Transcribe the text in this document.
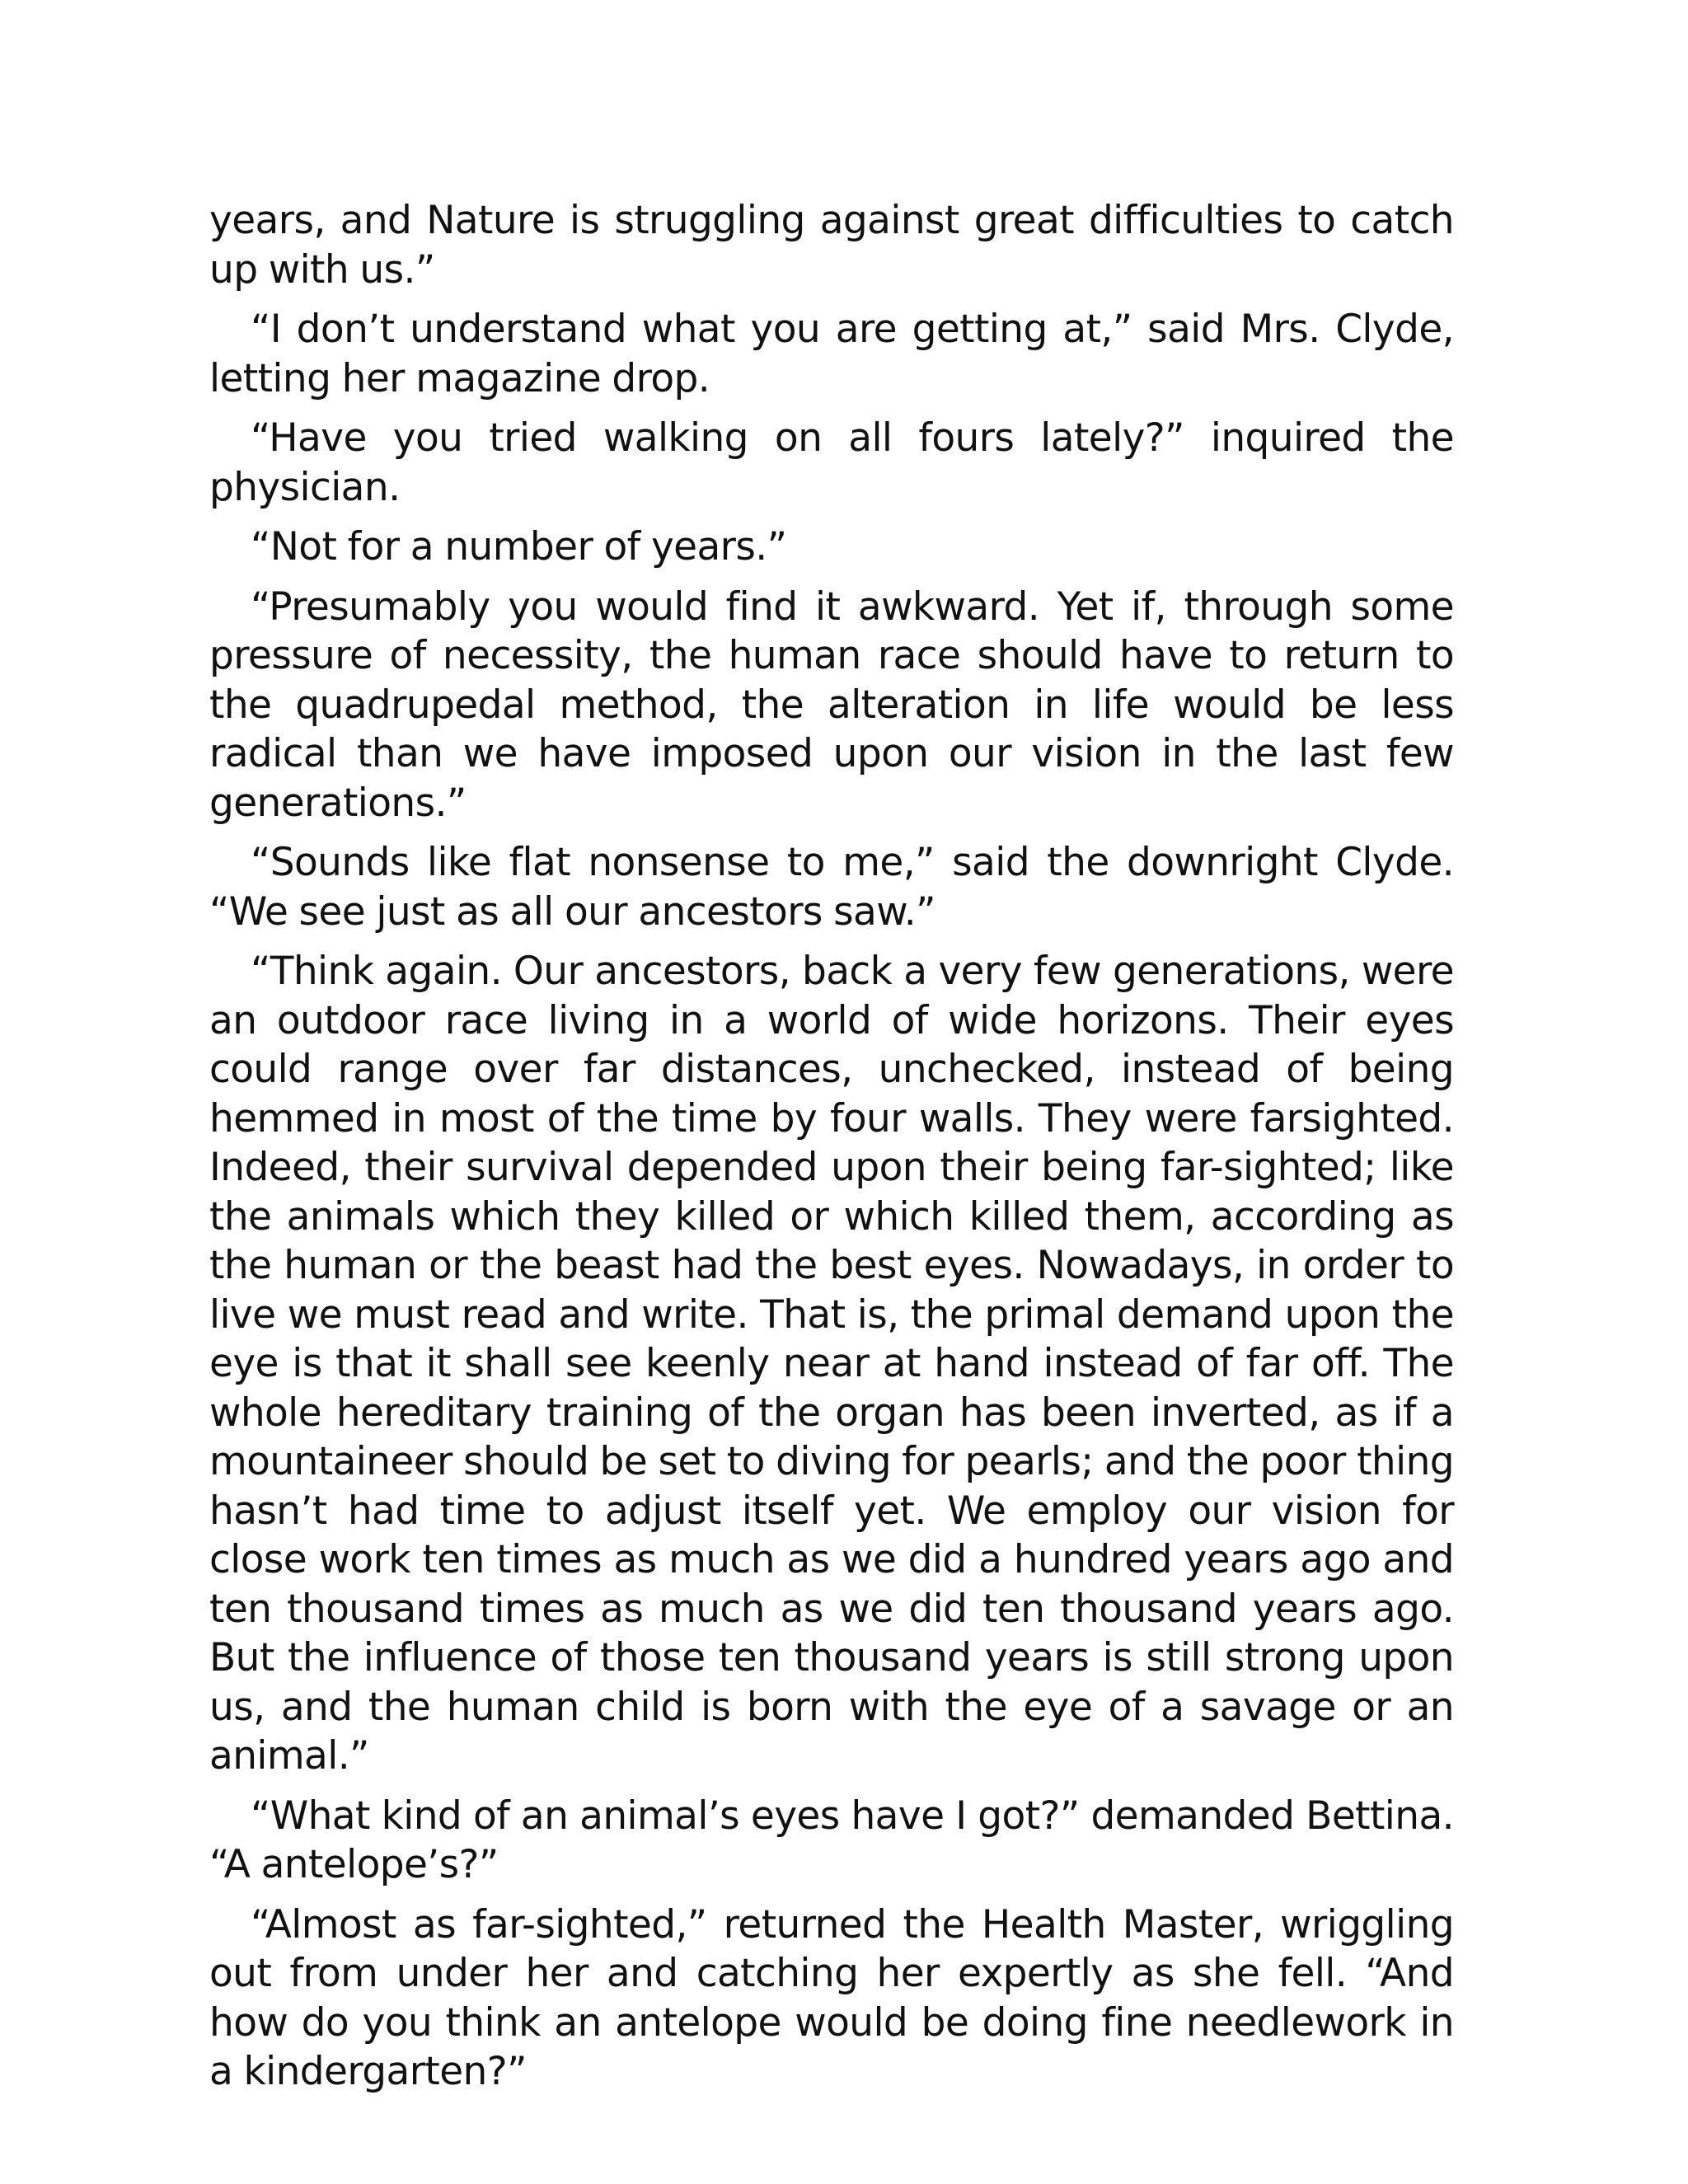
years, and Nature is struggling against great difficulties to catch up with us.”

“I don’t understand what you are getting at,” said Mrs. Clyde, letting her magazine drop.

“Have you tried walking on all fours lately?” inquired the physician.

“Not for a number of years.”

“Presumably you would find it awkward. Yet if, through some pressure of necessity, the human race should have to return to the quadrupedal method, the alteration in life would be less radical than we have imposed upon our vision in the last few generations.”

“Sounds like flat nonsense to me,” said the downright Clyde. “We see just as all our ancestors saw.”

“Think again. Our ancestors, back a very few generations, were an outdoor race living in a world of wide horizons. Their eyes could range over far distances, unchecked, instead of being hemmed in most of the time by four walls. They were farsighted. Indeed, their survival depended upon their being far-sighted; like the animals which they killed or which killed them, according as the human or the beast had the best eyes. Nowadays, in order to live we must read and write. That is, the primal demand upon the eye is that it shall see keenly near at hand instead of far off. The whole hereditary training of the organ has been inverted, as if a mountaineer should be set to diving for pearls; and the poor thing hasn’t had time to adjust itself yet. We employ our vision for close work ten times as much as we did a hundred years ago and ten thousand times as much as we did ten thousand years ago. But the influence of those ten thousand years is still strong upon us, and the human child is born with the eye of a savage or an animal.”

“What kind of an animal’s eyes have I got?” demanded Bettina. “A antelope’s?”

“Almost as far-sighted,” returned the Health Master, wriggling out from under her and catching her expertly as she fell. “And how do you think an antelope would be doing fine needlework in a kindergarten?”
